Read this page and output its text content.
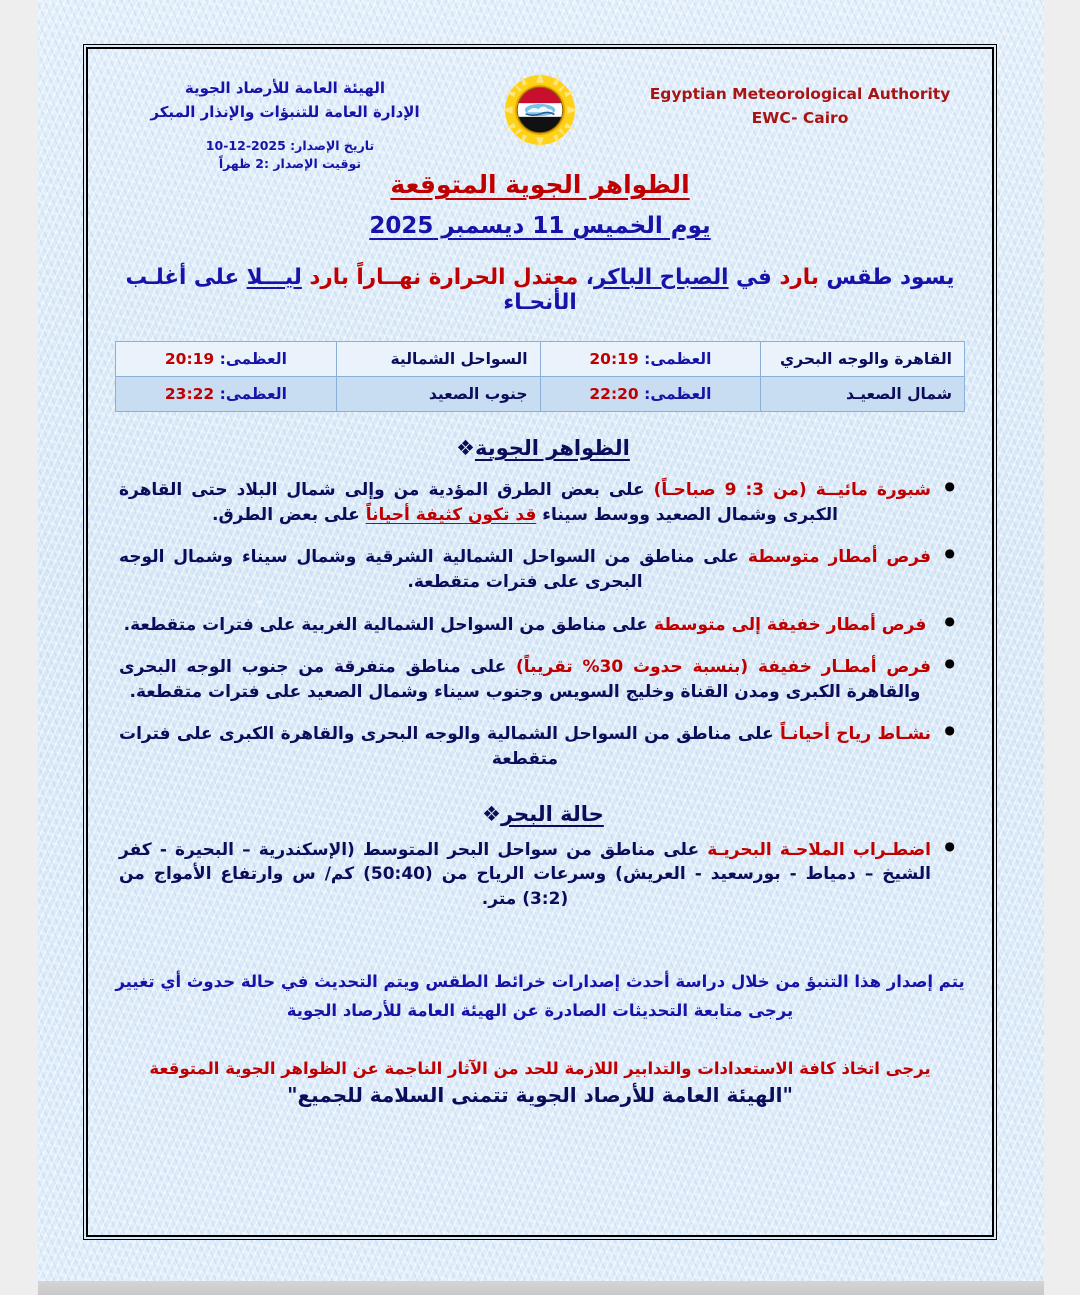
Egyptian Meteorological Authority
EWC- Cairo
الهيئة العامة للأرصاد الجوية
الإدارة العامة للتنبؤات والإنذار المبكر
تاريخ الإصدار: 2025-12-10
توقيت الإصدار :2 ظهراً
الظواهر الجوية المتوقعة
يوم الخميس 11 ديسمبر 2025
يسود طقس بارد في الصباح الباكر، معتدل الحرارة نهــاراً بارد ليـــلا على أغلـب الأنحـاء
القاهرة والوجه البحري	العظمى: 20:19	السواحل الشمالية	العظمى: 20:19
شمال الصعيـد	العظمى: 22:20	جنوب الصعيد	العظمى: 23:22
الظواهر الجوية❖
● شبورة مائيــة (من 3: 9 صباحـاً) على بعض الطرق المؤدية من وإلى شمال البلاد حتى القاهرة الكبرى وشمال الصعيد ووسط سيناء قد تكون كثيفة أحياناً على بعض الطرق.
● فرص أمطار متوسطة على مناطق من السواحل الشمالية الشرقية وشمال سيناء وشمال الوجه البحرى على فترات متقطعة.
● فرص أمطار خفيفة إلى متوسطة على مناطق من السواحل الشمالية الغربية على فترات متقطعة.
● فرص أمطـار خفيفة (بنسبة حدوث 30% تقريباً) على مناطق متفرقة من جنوب الوجه البحرى والقاهرة الكبرى ومدن القناة وخليج السويس وجنوب سيناء وشمال الصعيد على فترات متقطعة.
● نشـاط رياح أحيانـاً على مناطق من السواحل الشمالية والوجه البحرى والقاهرة الكبرى على فترات متقطعة
حالة البحر❖
● اضطـراب الملاحـة البحريـة على مناطق من سواحل البحر المتوسط (الإسكندرية – البحيرة - كفر الشيخ – دمياط - بورسعيد - العريش) وسرعات الرياح من (50:40) كم/ س وارتفاع الأمواج من (3:2) متر.
يتم إصدار هذا التنبؤ من خلال دراسة أحدث إصدارات خرائط الطقس ويتم التحديث في حالة حدوث أي تغيير
يرجى متابعة التحديثات الصادرة عن الهيئة العامة للأرصاد الجوية
يرجى اتخاذ كافة الاستعدادات والتدابير اللازمة للحد من الآثار الناجمة عن الظواهر الجوية المتوقعة
"الهيئة العامة للأرصاد الجوية تتمنى السلامة للجميع"
